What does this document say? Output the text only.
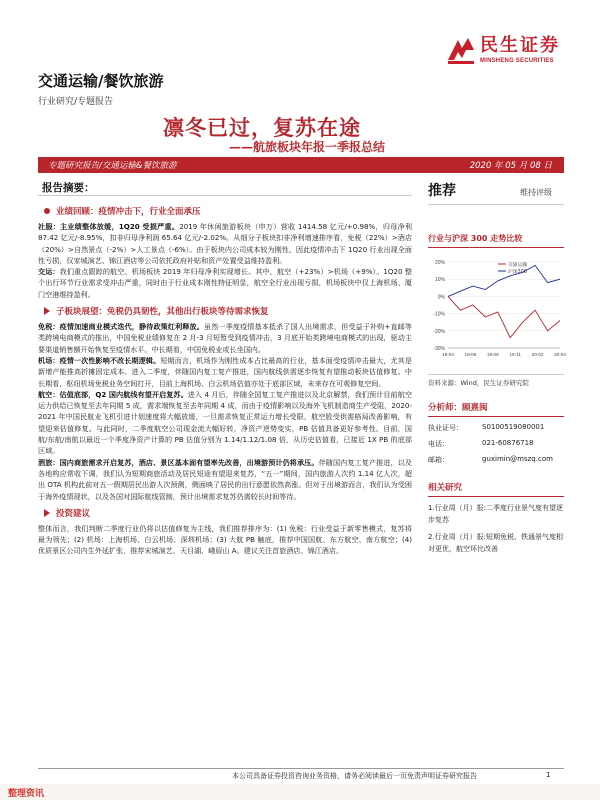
民生证券
MINSHENG SECURITIES
交通运输/餐饮旅游
行业研究/专题报告
凛冬已过，复苏在途
——航旅板块年报一季报总结
专题研究报告/交通运输&餐饮旅游	2020 年 05 月 08 日
报告摘要：
业绩回顾：疫情冲击下，行业全面承压

社服：主业绩整体放缓，1Q20 受损严重。2019 年休闲旅游板块（申万）营收 1414.58 亿元/+0.98%，归母净利 87.42 亿元/-8.95%，扣非归母净利润 65.64 亿元/-2.02%。从细分子板块扣非净利增速排序看，免税（22%）>酒店（20%）>自然景点（-2%）>人工景点（-6%）。由于板块内公司成本较为刚性，因此疫情冲击下 1Q20 行业出现全面性亏损，仅家城演艺、锦江酒店等公司依托政府补贴和资产处置受益维持盈利。

交运：我们重点跟踪的航空、机场板块 2019 年归母净利实现增长。其中，航空（+23%）>机场（+9%）。1Q20 整个出行环节行业需求受冲击严重，同时由于行业成本刚性特征明显，航空全行业出现亏损，机场板块中仅上海机场、厦门空港维持盈利。

子板块展望：免税仍具韧性，其他出行板块等待需求恢复

免税：疫情加速商业模式迭代，静待政策红利释放。虽然一季度疫情基本抵杀了国人出境需求，但受益于补购+直邮等类跨境电商模式的推出，中国免税业绩修复在 2 月-3 月短暂受到疫情冲击，3 月底开始类跨境电商模式的出现，驱动主要渠道销售额开始恢复至疫情水平。中长期看，中国免税业或长坐国内。

机场：疫情一次性影响不改长期逻辑。短期而言，机场作为刚性成本占比最高的行业，基本面受疫情冲击最大，尤其是新增产能推高折摊固定成本。进入二季度，伴随国内复工复产推进，国内航线供需逐步恢复有望推动板块估值修复。中长期看，枢纽机场免税业务空间打开，目前上海机场、白云机场估值亦处于底部区域，未来存在可观修复空间。

航空：估值底部，Q2 国内航线有望开启复苏。进入 4 月后，伴随全国复工复产推进以及北京解禁，我们预计目前航空运力供给已恢复至去年同期 5 成，需求端恢复至去年同期 4 成，而由于疫情影响以及海外飞机制造商生产受阻，2020-2021 年中国民航业飞机引进计划速度将大幅放缓，一旦需求恢复正常运力增长受限，航空股受供需格局改善影响，有望迎来估值修复。与此同时，二季度航空公司现金流大幅好转，净资产逆势变实，PB 估值具备更好参考性。目前，国航/东航/南航以最近一个季度净资产计算的 PB 估值分别为 1.14/1.12/1.08 倍，从历史估值看，已接近 1X PB 的底部区域。

酒旅：国内商旅需求开启复苏，酒店、景区基本面有望率先改善，出境游预计仍将承压。伴随国内复工复产推进，以及各地构应常收下调，我们认为短期商旅活动及居民短途有望迎来复苏，“五一”期间，国内旅游人次约 1.14 亿人次，超出 OTA 机构此前对五一假期居民出游人次预测，侧面映了居民的出行意愿依然高涨。但对于出境游而言，我们认为受困于海外疫情现状，以及各国对国际航线管制，预计出境需求复苏仍需较长时间等待。

投资建议

整体而言，我们判断二季度行业仍将以估值修复为主线，我们推荐排序为：(1) 免税：行业受益于新零售模式，复苏将最为领先；(2) 机场：上海机场、白云机场、深圳机场；(3) 大航 PB 触底，推荐中国国航、东方航空、南方航空；(4) 优质景区公司内生外延扩张，推荐宋城演艺、天目湖、峨眉山 A。建议关注首旅酒店、锦江酒店。

推荐	维持评级
行业与沪深 300 走势比较
-30%
-20%
-10%
0%
10%
20%
19-04 19-06 19-09 19-11 20-02 20-04
交通运输
沪深300
资料来源：Wind，民生证券研究院
分析师：顾熹闽
执业证号：	S0100519080001
电话：	021-60876718
邮箱：	guximin@mszq.com
相关研究

1.行业周（月）报:二季度行业景气度有望逐步复苏

2.行业周（月）报:短期免税、铁通景气度相对更优，航空环比改善

本公司具备证券投资咨询业务资格，请务必阅读最后一页免责声明证券研究报告	1
整理资讯
